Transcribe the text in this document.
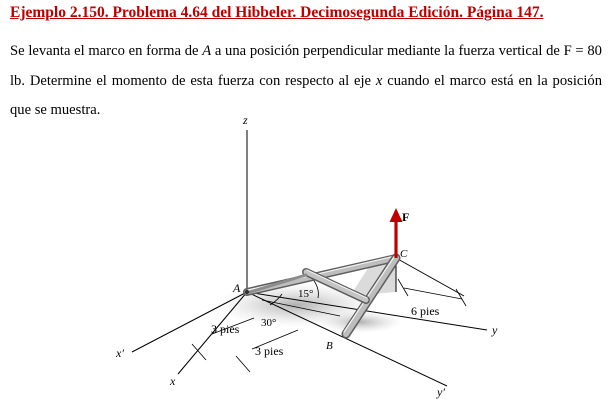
Ejemplo 2.150. Problema 4.64 del Hibbeler. Decimosegunda Edición. Página 147.

Se levanta el marco en forma de A a una posición perpendicular mediante la fuerza vertical de F = 80 lb. Determine el momento de esta fuerza con respecto al eje x cuando el marco está en la posición que se muestra.

z
x
x′
y
y′
A
B
C
F
15°
30°
3 pies
3 pies
6 pies
